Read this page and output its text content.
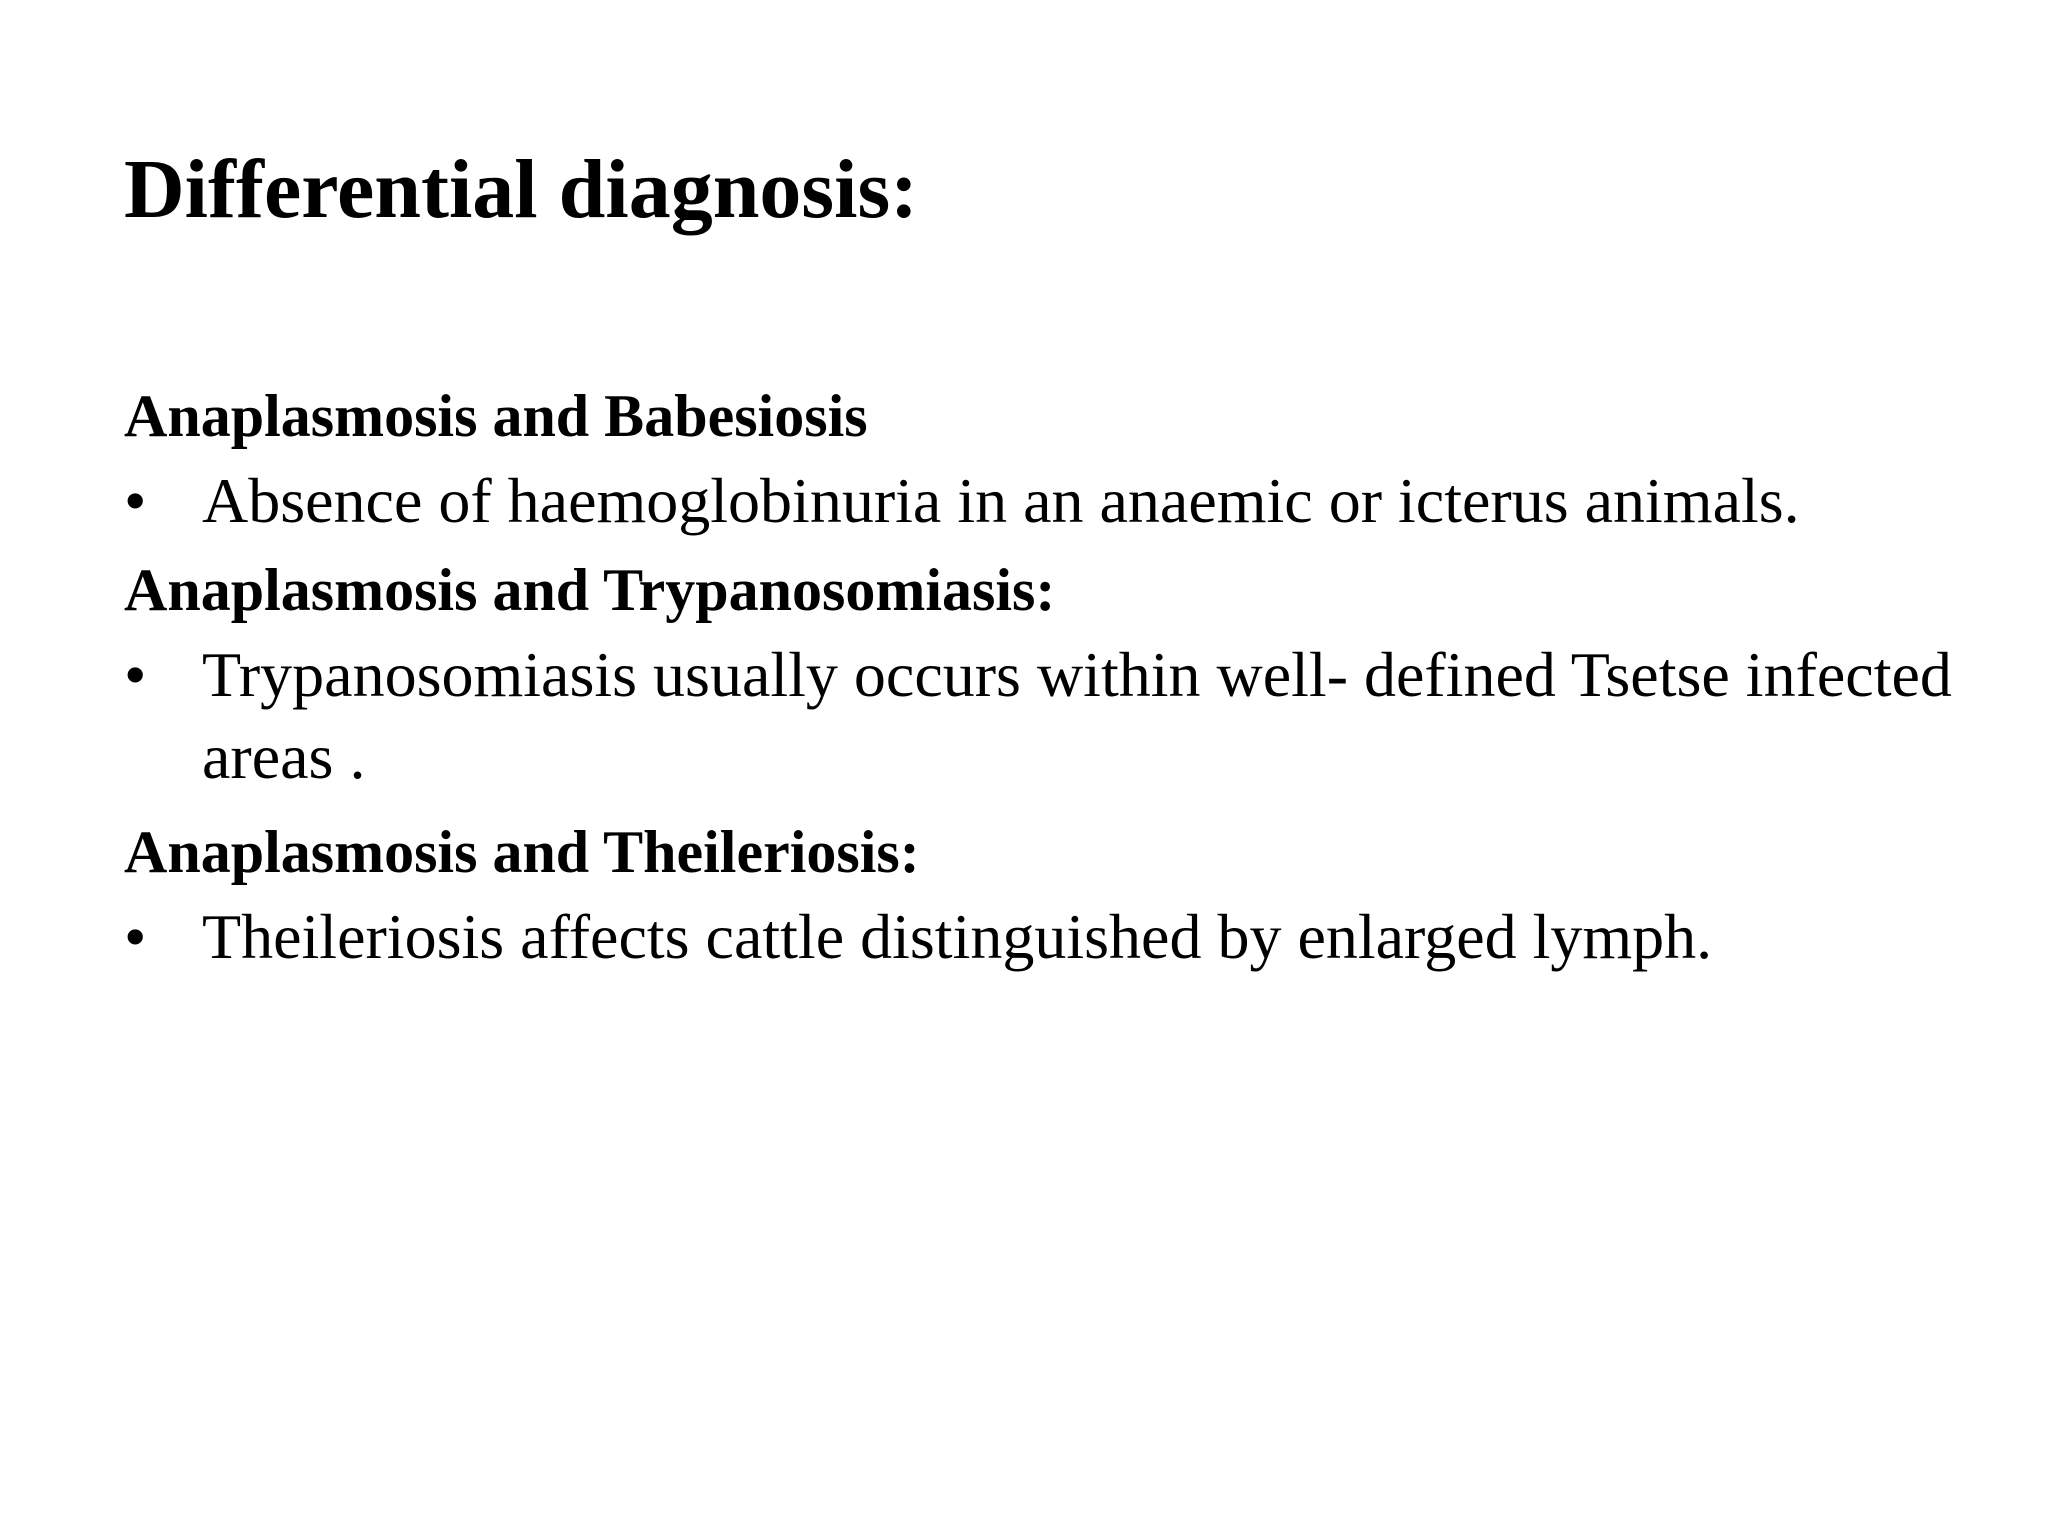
Differential diagnosis:

Anaplasmosis and Babesiosis

• Absence of haemoglobinuria in an anaemic or icterus animals.

Anaplasmosis and Trypanosomiasis:

• Trypanosomiasis usually occurs within well- defined Tsetse infected areas .

Anaplasmosis and Theileriosis:

• Theileriosis affects cattle distinguished by enlarged lymph.
